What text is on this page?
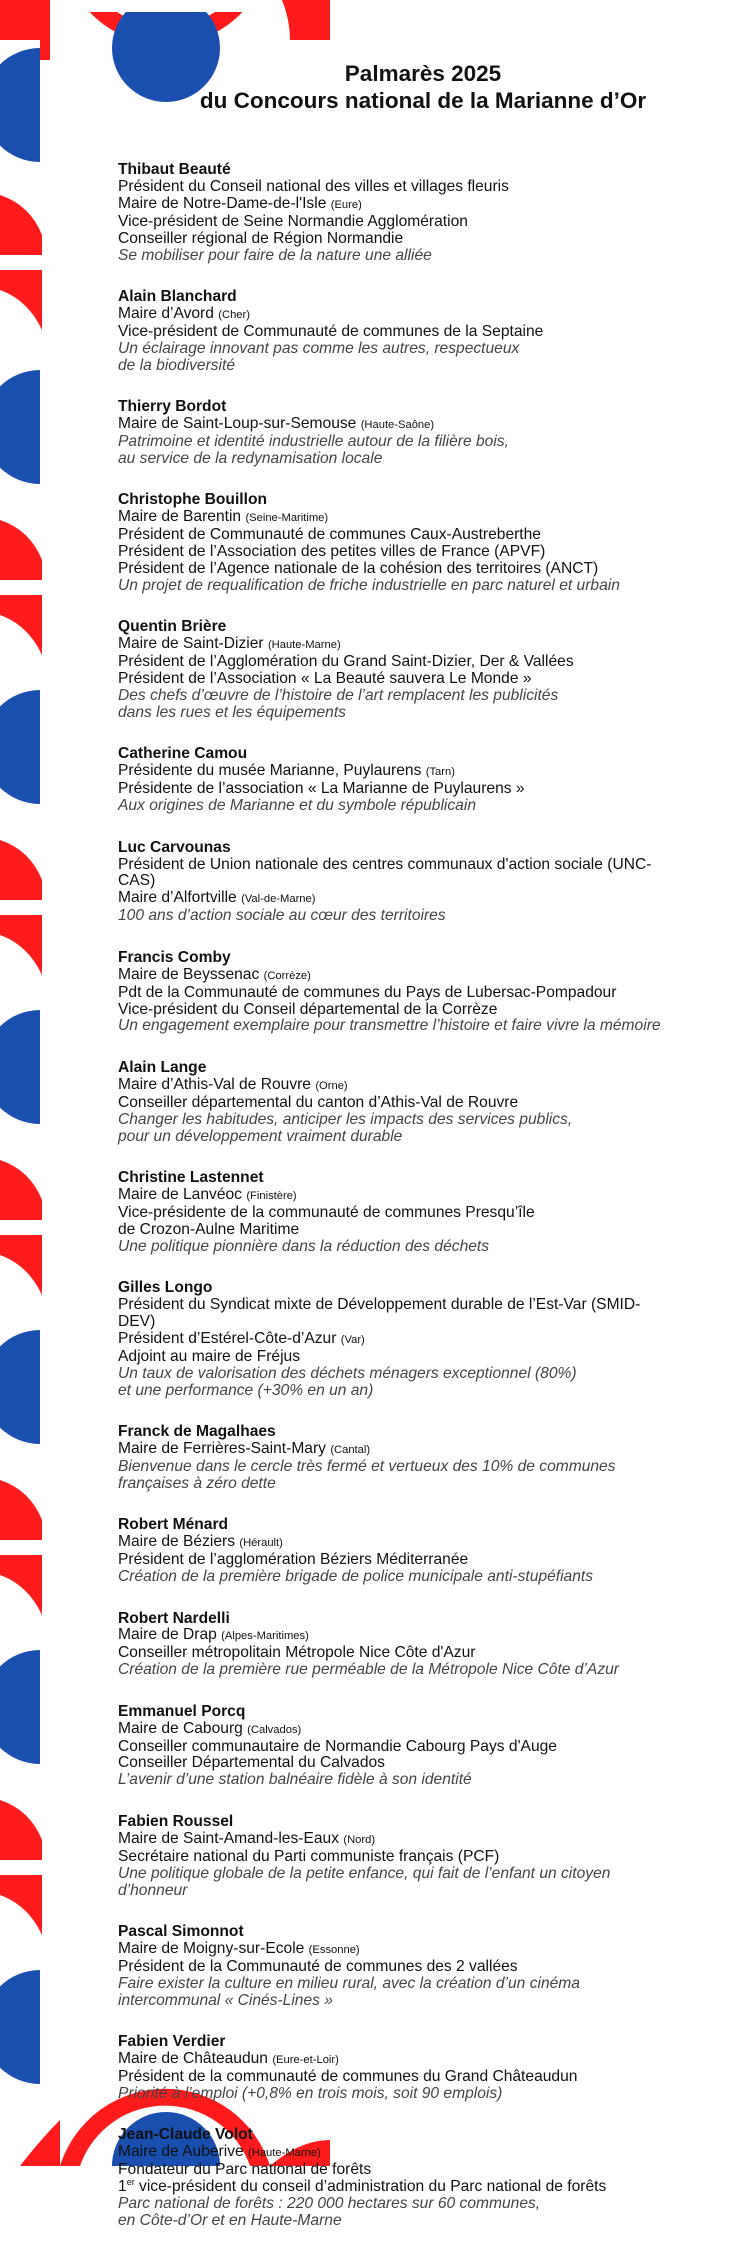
Palmarès 2025
du Concours national de la Marianne d’Or
Thibaut Beauté
Président du Conseil national des villes et villages fleuris
Maire de Notre-Dame-de-l'Isle (Eure)
Vice-président de Seine Normandie Agglomération
Conseiller régional de Région Normandie
Se mobiliser pour faire de la nature une alliée
Alain Blanchard
Maire d’Avord (Cher)
Vice-président de Communauté de communes de la Septaine
Un éclairage innovant pas comme les autres, respectueux
de la biodiversité
Thierry Bordot
Maire de Saint-Loup-sur-Semouse (Haute-Saône)
Patrimoine et identité industrielle autour de la filière bois,
au service de la redynamisation locale
Christophe Bouillon
Maire de Barentin (Seine-Maritime)
Président de Communauté de communes Caux-Austreberthe
Président de l’Association des petites villes de France (APVF)
Président de l’Agence nationale de la cohésion des territoires (ANCT)
Un projet de requalification de friche industrielle en parc naturel et urbain
Quentin Brière
Maire de Saint-Dizier (Haute-Marne)
Président de l’Agglomération du Grand Saint-Dizier, Der & Vallées
Président de l’Association « La Beauté sauvera Le Monde »
Des chefs d’œuvre de l’histoire de l’art remplacent les publicités
dans les rues et les équipements
Catherine Camou
Présidente du musée Marianne, Puylaurens (Tarn)
Présidente de l’association « La Marianne de Puylaurens »
Aux origines de Marianne et du symbole républicain
Luc Carvounas
Président de Union nationale des centres communaux d'action sociale (UNC-
CAS)
Maire d’Alfortville (Val-de-Marne)
100 ans d’action sociale au cœur des territoires
Francis Comby
Maire de Beyssenac (Corrèze)
Pdt de la Communauté de communes du Pays de Lubersac-Pompadour
Vice-président du Conseil départemental de la Corrèze
Un engagement exemplaire pour transmettre l’histoire et faire vivre la mémoire
Alain Lange
Maire d’Athis-Val de Rouvre (Orne)
Conseiller départemental du canton d’Athis-Val de Rouvre
Changer les habitudes, anticiper les impacts des services publics,
pour un développement vraiment durable
Christine Lastennet
Maire de Lanvéoc (Finistère)
Vice-présidente de la communauté de communes Presqu’île
de Crozon-Aulne Maritime
Une politique pionnière dans la réduction des déchets
Gilles Longo
Président du Syndicat mixte de Développement durable de l’Est-Var (SMID-
DEV)
Président d’Estérel-Côte-d’Azur (Var)
Adjoint au maire de Fréjus
Un taux de valorisation des déchets ménagers exceptionnel (80%)
et une performance (+30% en un an)
Franck de Magalhaes
Maire de Ferrières-Saint-Mary (Cantal)
Bienvenue dans le cercle très fermé et vertueux des 10% de communes
françaises à zéro dette
Robert Ménard
Maire de Béziers (Hérault)
Président de l’agglomération Béziers Méditerranée
Création de la première brigade de police municipale anti-stupéfiants
Robert Nardelli
Maire de Drap (Alpes-Maritimes)
Conseiller métropolitain Métropole Nice Côte d'Azur
Création de la première rue perméable de la Métropole Nice Côte d’Azur
Emmanuel Porcq
Maire de Cabourg (Calvados)
Conseiller communautaire de Normandie Cabourg Pays d'Auge
Conseiller Départemental du Calvados
L’avenir d’une station balnéaire fidèle à son identité
Fabien Roussel
Maire de Saint-Amand-les-Eaux (Nord)
Secrétaire national du Parti communiste français (PCF)
Une politique globale de la petite enfance, qui fait de l’enfant un citoyen
d’honneur
Pascal Simonnot
Maire de Moigny-sur-Ecole (Essonne)
Président de la Communauté de communes des 2 vallées
Faire exister la culture en milieu rural, avec la création d’un cinéma
intercommunal « Cinés-Lines »
Fabien Verdier
Maire de Châteaudun (Eure-et-Loir)
Président de la communauté de communes du Grand Châteaudun
Priorité à l’emploi (+0,8% en trois mois, soit 90 emplois)
Jean-Claude Volot
Maire de Auberive (Haute-Marne)
Fondateur du Parc national de forêts
1er vice-président du conseil d’administration du Parc national de forêts
Parc national de forêts : 220 000 hectares sur 60 communes,
en Côte-d’Or et en Haute-Marne
